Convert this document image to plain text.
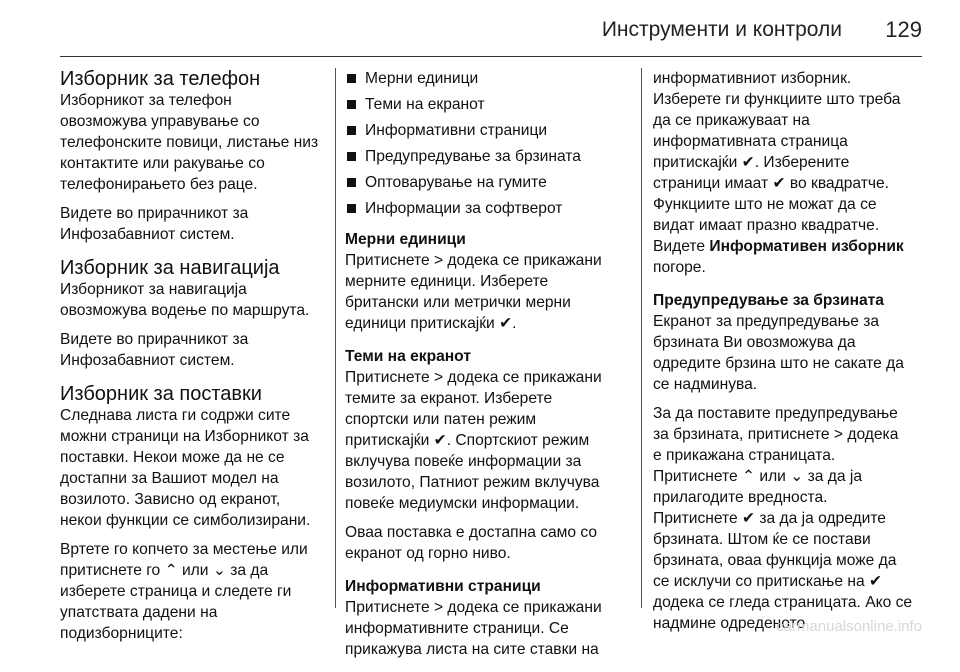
Инструменти и контроли 129
Изборник за телефон

Изборникот за телефон
овозможува управување со
телефонските повици, листање низ
контактите или ракување со
телефонирањето без раце.

Видете во прирачникот за
Инфозабавниот систем.

Изборник за навигација

Изборникот за навигација
овозможува водење по маршрута.

Видете во прирачникот за
Инфозабавниот систем.

Изборник за поставки

Следнава листа ги содржи сите
можни страници на Изборникот за
поставки. Некои може да не се
достапни за Вашиот модел на
возилото. Зависно од екранот,
некои функции се симболизирани.

Вртете го копчето за местење или
притиснете го ⌃ или ⌄ за да
изберете страница и следете ги
упатствата дадени на
подизборниците:

Мерни единици
Теми на екранот
Информативни страници
Предупредување за брзината
Оптоварување на гумите
Информации за софтверот
Мерни единици

Притиснете > додека се прикажани
мерните единици. Изберете
британски или метрички мерни
единици притискајќи ✔.

Теми на екранот

Притиснете > додека се прикажани
темите за екранот. Изберете
спортски или патен режим
притискајќи ✔. Спортскиот режим
вклучува повеќе информации за
возилото, Патниот режим вклучува
повеќе медиумски информации.

Оваа поставка е достапна само со
екранот од горно ниво.

Информативни страници

Притиснете > додека се прикажани
информативните страници. Се
прикажува листа на сите ставки на

информативниот изборник.
Изберете ги функциите што треба
да се прикажуваат на
информативната страница
притискајќи ✔. Изберените
страници имаат ✔ во квадратче.
Функциите што не можат да се
видат имаат празно квадратче.
Видете Информативен изборник
погоре.

Предупредување за брзината

Екранот за предупредување за
брзината Ви овозможува да
одредите брзина што не сакате да
се надминува.

За да поставите предупредување
за брзината, притиснете > додека
е прикажана страницата.
Притиснете ⌃ или ⌄ за да ја
прилагодите вредноста.
Притиснете ✔ за да ја одредите
брзината. Штом ќе се постави
брзината, оваа функција може да
се исклучи со притискање на ✔
додека се гледа страницата. Ако се
надмине одреденото

carmanualsonline.info
